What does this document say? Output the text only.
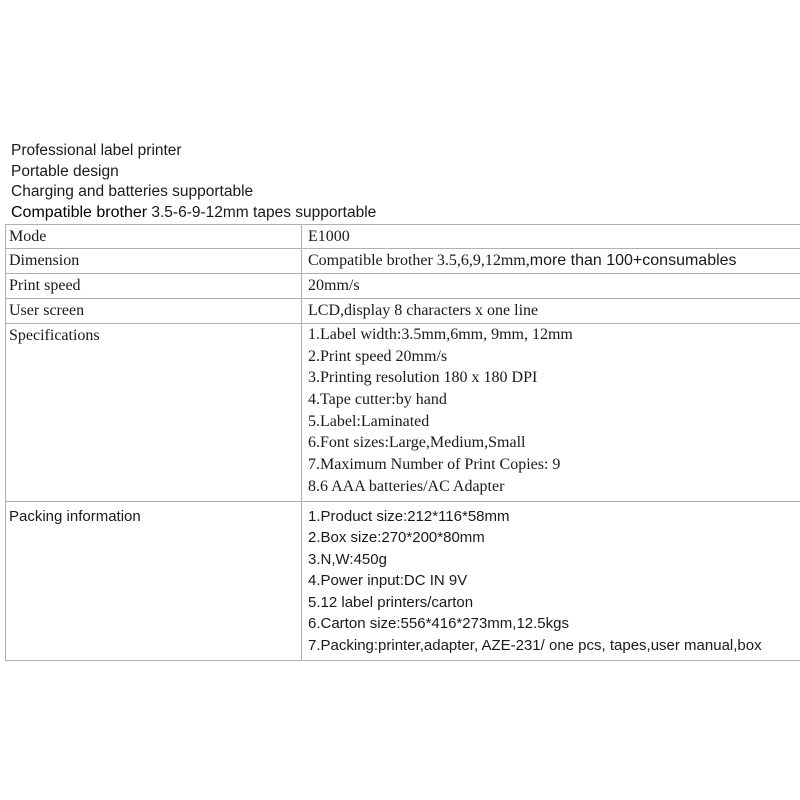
Professional label printer
Portable design
Charging and batteries supportable
Compatible brother 3.5-6-9-12mm tapes supportable
Mode	E1000
Dimension	Compatible brother 3.5,6,9,12mm,more than 100+consumables
Print speed	20mm/s
User screen	LCD,display 8 characters x one line
Specifications	1.Label width:3.5mm,6mm, 9mm, 12mm
2.Print speed 20mm/s
3.Printing resolution 180 x 180 DPI
4.Tape cutter:by hand
5.Label:Laminated
6.Font sizes:Large,Medium,Small
7.Maximum Number of Print Copies: 9
8.6 AAA batteries/AC Adapter
Packing information	1.Product size:212*116*58mm
2.Box size:270*200*80mm
3.N,W:450g
4.Power input:DC IN 9V
5.12 label printers/carton
6.Carton size:556*416*273mm,12.5kgs
7.Packing:printer,adapter, AZE-231/ one pcs, tapes,user manual,box
